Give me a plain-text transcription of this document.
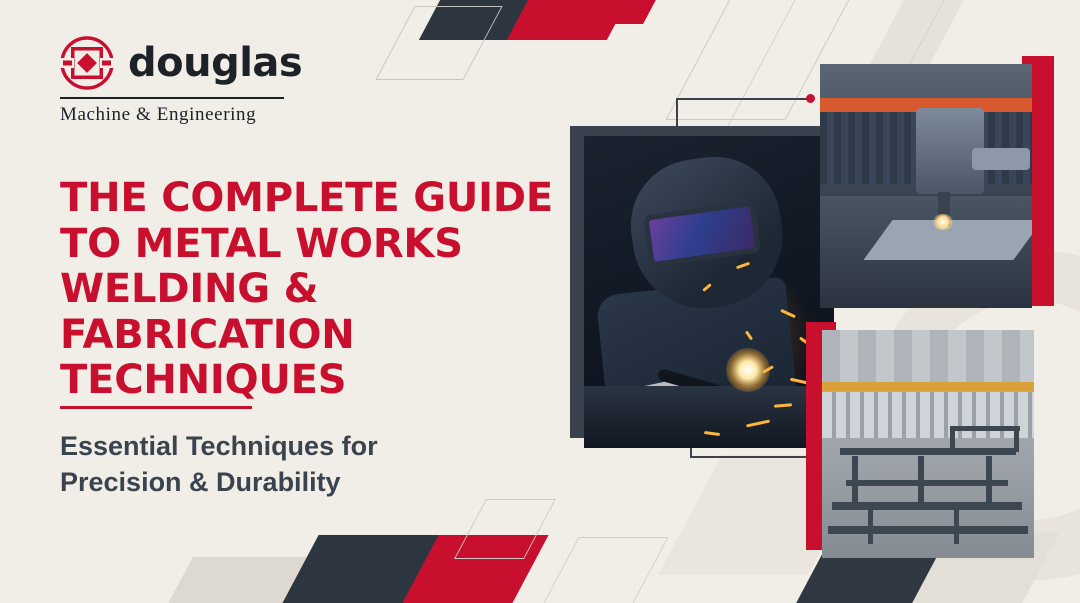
douglas
Machine & Engineering
THE COMPLETE GUIDE TO METAL WORKS WELDING & FABRICATION TECHNIQUES
Essential Techniques for Precision & Durability
